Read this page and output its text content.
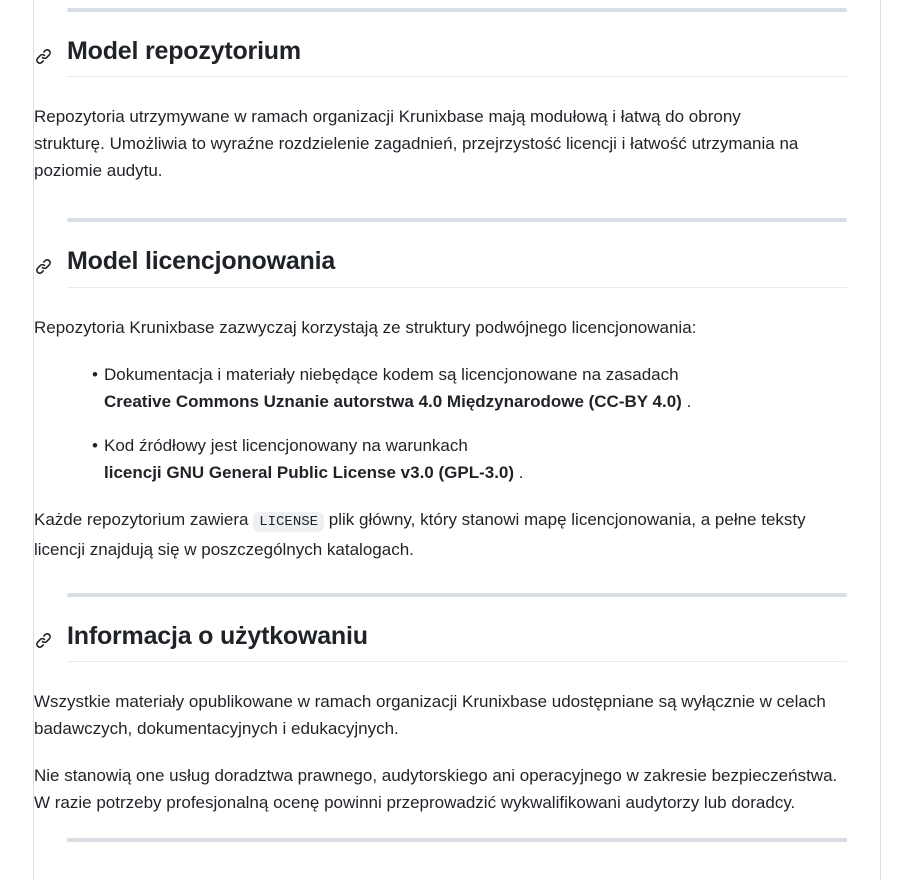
Model repozytorium

Repozytoria utrzymywane w ramach organizacji Krunixbase mają modułową i łatwą do obrony strukturę. Umożliwia to wyraźne rozdzielenie zagadnień, przejrzystość licencji i łatwość utrzymania na poziomie audytu.

Model licencjonowania

Repozytoria Krunixbase zazwyczaj korzystają ze struktury podwójnego licencjonowania:

• Dokumentacja i materiały niebędące kodem są licencjonowane na zasadach
Creative Commons Uznanie autorstwa 4.0 Międzynarodowe (CC-BY 4.0) .
• Kod źródłowy jest licencjonowany na warunkach
licencji GNU General Public License v3.0 (GPL-3.0) .

Każde repozytorium zawiera LICENSE plik główny, który stanowi mapę licencjonowania, a pełne teksty licencji znajdują się w poszczególnych katalogach.

Informacja o użytkowaniu

Wszystkie materiały opublikowane w ramach organizacji Krunixbase udostępniane są wyłącznie w celach badawczych, dokumentacyjnych i edukacyjnych.

Nie stanowią one usług doradztwa prawnego, audytorskiego ani operacyjnego w zakresie bezpieczeństwa. W razie potrzeby profesjonalną ocenę powinni przeprowadzić wykwalifikowani audytorzy lub doradcy.
